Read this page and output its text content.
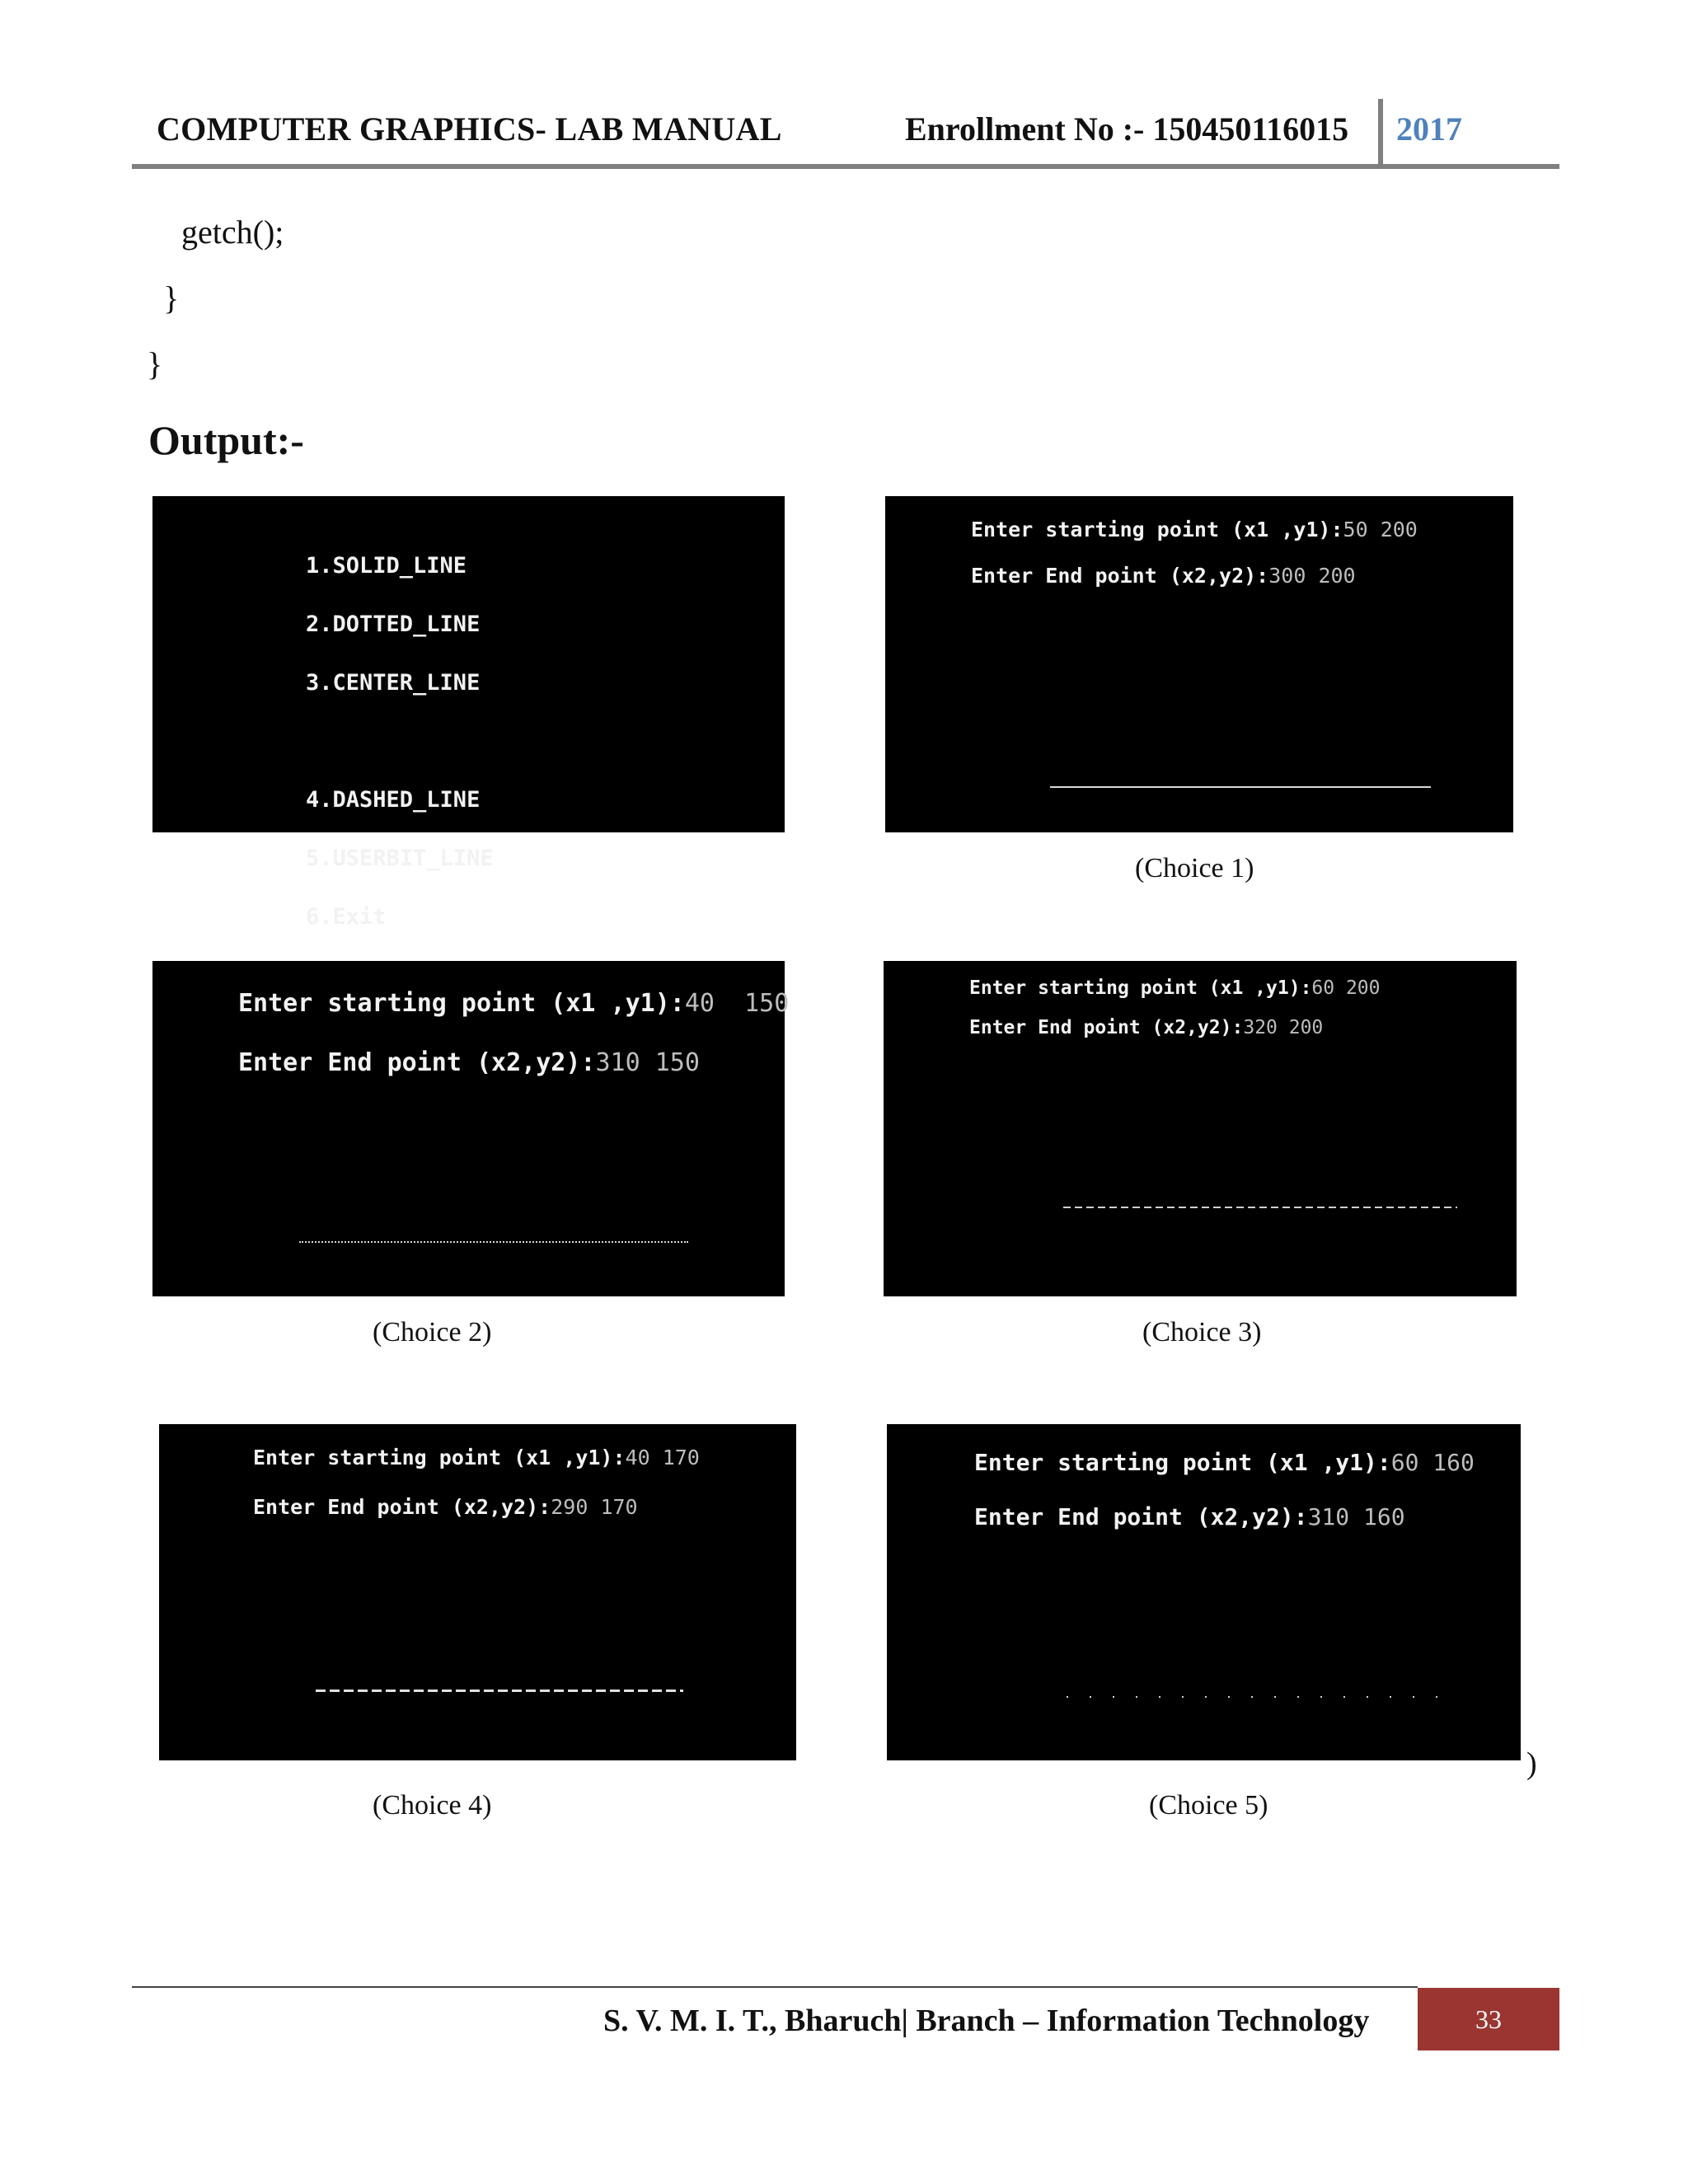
COMPUTER GRAPHICS- LAB MANUAL	Enrollment No :- 150450116015 2017
getch();
}
}
Output:-

1.SOLID_LINE

2.DOTTED_LINE

3.CENTER_LINE

4.DASHED_LINE

5.USERBIT_LINE

6.Exit

Enter starting point (x1 ,y1):50 200
Enter End point (x2,y2):300 200
(Choice 1)
Enter starting point (x1 ,y1):40  150
Enter End point (x2,y2):310 150
(Choice 2)
Enter starting point (x1 ,y1):60 200
Enter End point (x2,y2):320 200
(Choice 3)
Enter starting point (x1 ,y1):40 170
Enter End point (x2,y2):290 170
(Choice 4)
Enter starting point (x1 ,y1):60 160
Enter End point (x2,y2):310 160
)
(Choice 5)
S. V. M. I. T., Bharuch| Branch – Information Technology	33
